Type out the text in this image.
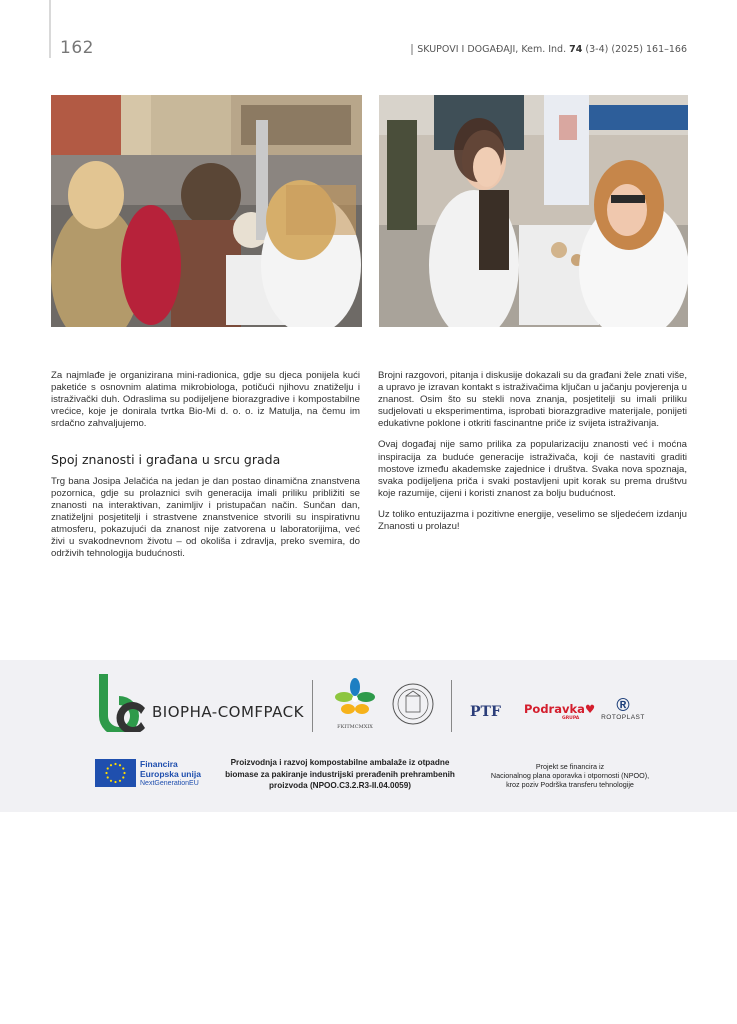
162	SKUPOVI I DOGAĐAJI, Kem. Ind. 74 (3-4) (2025) 161–166

Za najmlađe je organizirana mini-radionica, gdje su djeca ponijela kući paketiće s osnovnim alatima mikrobiologa, potičući njihovu znatiželju i istraživački duh. Odraslima su podijeljene biorazgradive i kompostabilne vrećice, koje je donirala tvrtka Bio-Mi d. o. o. iz Matulja, na čemu im srdačno zahvaljujemo.

Spoj znanosti i građana u srcu grada

Trg bana Josipa Jelačića na jedan je dan postao dinamična znanstvena pozornica, gdje su prolaznici svih generacija imali priliku približiti se znanosti na interaktivan, zanimljiv i pristupačan način. Sunčan dan, znatiželjni posjetitelji i strastvene znanstvenice stvorili su inspirativnu atmosferu, pokazujući da znanost nije zatvorena u laboratorijima, već živi u svakodnevnom životu – od okoliša i zdravlja, preko svemira, do održivih tehnologija budućnosti.

Brojni razgovori, pitanja i diskusije dokazali su da građani žele znati više, a upravo je izravan kontakt s istraživačima ključan u jačanju povjerenja u znanost. Osim što su stekli nova znanja, posjetitelji su imali priliku sudjelovati u eksperimentima, isprobati biorazgradive materijale, ponijeti edukativne poklone i otkriti fascinantne priče iz svijeta istraživanja.

Ovaj događaj nije samo prilika za popularizaciju znanosti već i moćna inspiracija za buduće generacije istraživača, koji će nastaviti graditi mostove između akademske zajednice i društva. Svaka nova spoznaja, svaka podijeljena priča i svaki postavljeni upit korak su prema društvu koje razumije, cijeni i koristi znanost za bolju budućnost.

Uz toliko entuzijazma i pozitivne energije, veselimo se sljedećem izdanju Znanosti u prolazu!

BIOPHA-COMFPACK
FKITMCMXIX
PTF Podravka♥
GRUPA
®
ROTOPLAST
Financira
Europska unija
NextGenerationEU
Proizvodnja i razvoj kompostabilne ambalaže iz otpadne biomase za pakiranje industrijski prerađenih prehrambenih proizvoda (NPOO.C3.2.R3-II.04.0059)
Projekt se financira iz
Nacionalnog plana oporavka i otpornosti (NPOO),
kroz poziv Podrška transferu tehnologije
